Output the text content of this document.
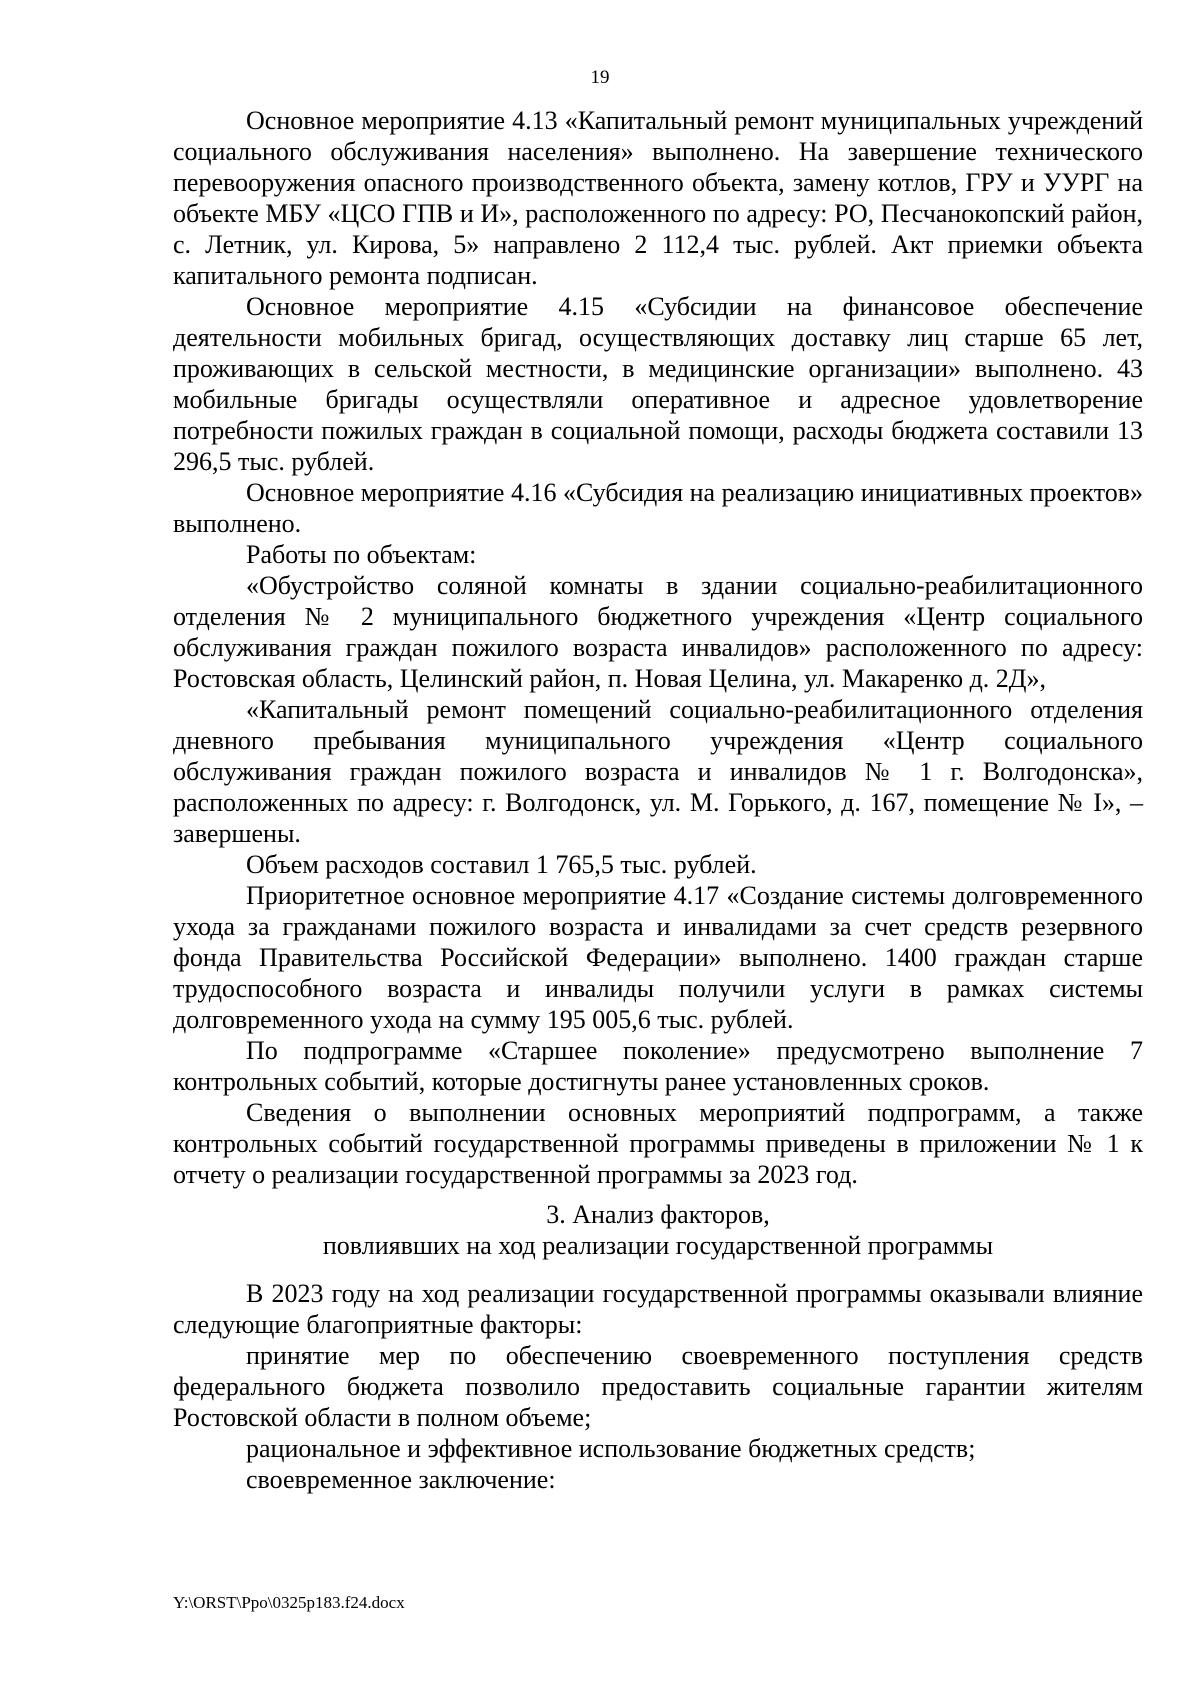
19

Основное мероприятие 4.13 «Капитальный ремонт муниципальных учреждений социального обслуживания населения» выполнено. На завершение технического перевооружения опасного производственного объекта, замену котлов, ГРУ и УУРГ на объекте МБУ «ЦСО ГПВ и И», расположенного по адресу: РО, Песчанокопский район, с. Летник, ул. Кирова, 5» направлено 2 112,4 тыс. рублей. Акт приемки объекта капитального ремонта подписан.

Основное мероприятие 4.15 «Субсидии на финансовое обеспечение деятельности мобильных бригад, осуществляющих доставку лиц старше 65 лет, проживающих в сельской местности, в медицинские организации» выполнено. 43 мобильные бригады осуществляли оперативное и адресное удовлетворение потребности пожилых граждан в социальной помощи, расходы бюджета составили 13 296,5 тыс. рублей.

Основное мероприятие 4.16 «Субсидия на реализацию инициативных проектов» выполнено.

Работы по объектам:

«Обустройство соляной комнаты в здании социально-реабилитационного отделения № 2 муниципального бюджетного учреждения «Центр социального обслуживания граждан пожилого возраста инвалидов» расположенного по адресу: Ростовская область, Целинский район, п. Новая Целина, ул. Макаренко д. 2Д»,

«Капитальный ремонт помещений социально-реабилитационного отделения дневного пребывания муниципального учреждения «Центр социального обслуживания граждан пожилого возраста и инвалидов № 1 г. Волгодонска», расположенных по адресу: г. Волгодонск, ул. М. Горького, д. 167, помещение № I», – завершены.

Объем расходов составил 1 765,5 тыс. рублей.

Приоритетное основное мероприятие 4.17 «Создание системы долговременного ухода за гражданами пожилого возраста и инвалидами за счет средств резервного фонда Правительства Российской Федерации» выполнено. 1400 граждан старше трудоспособного возраста и инвалиды получили услуги в рамках системы долговременного ухода на сумму 195 005,6 тыс. рублей.

По подпрограмме «Старшее поколение» предусмотрено выполнение 7 контрольных событий, которые достигнуты ранее установленных сроков.

Сведения о выполнении основных мероприятий подпрограмм, а также контрольных событий государственной программы приведены в приложении № 1 к отчету о реализации государственной программы за 2023 год.

3. Анализ факторов,
повлиявших на ход реализации государственной программы

В 2023 году на ход реализации государственной программы оказывали влияние следующие благоприятные факторы:

принятие мер по обеспечению своевременного поступления средств федерального бюджета позволило предоставить социальные гарантии жителям Ростовской области в полном объеме;

рациональное и эффективное использование бюджетных средств;

своевременное заключение:

Y:\ORST\Ppo\0325p183.f24.docx
